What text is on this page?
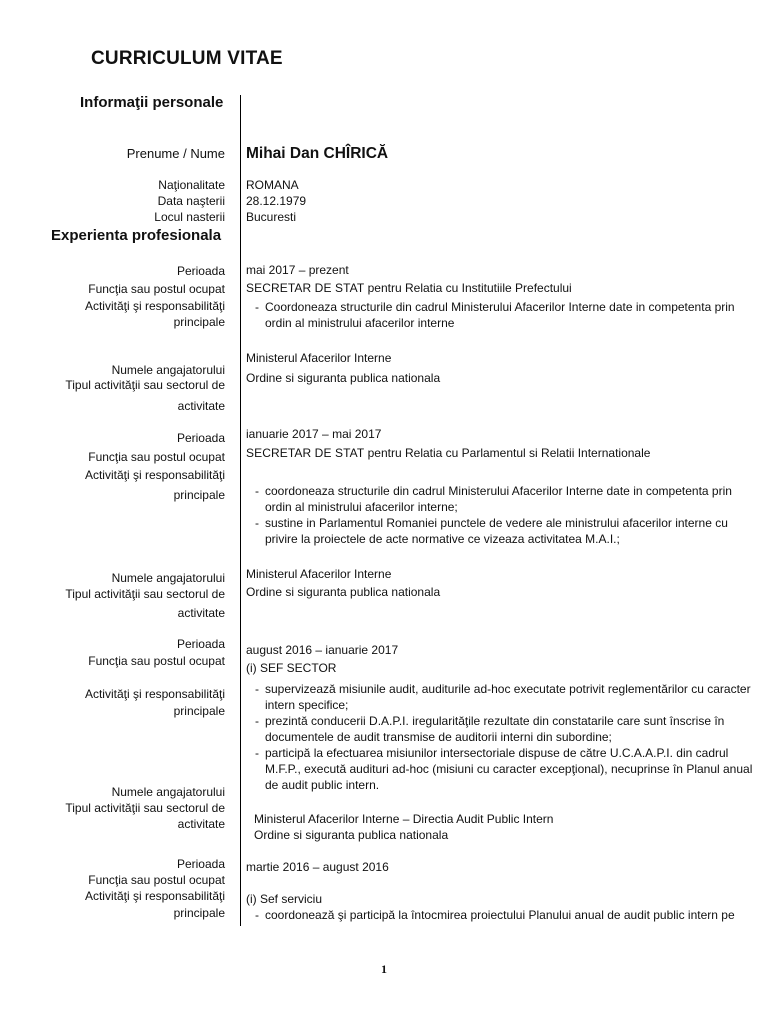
CURRICULUM VITAE
Informaţii personale
Prenume / Nume Mihai Dan CHÎRICĂ
Naţionalitate ROMANA
Data naşterii 28.12.1979
Locul nasterii Bucuresti
Experienta profesionala
Perioada
Funcţia sau postul ocupat
Activităţi şi responsabilităţi
principale
mai 2017 – prezent
SECRETAR DE STAT pentru Relatia cu Institutiile Prefectului
- Coordoneaza structurile din cadrul Ministerului Afacerilor Interne date in competenta prin ordin al ministrului afacerilor interne
Numele angajatorului
Tipul activităţii sau sectorul de
activitate
Ministerul Afacerilor Interne
Ordine si siguranta publica nationala
Perioada
Funcţia sau postul ocupat
Activităţi şi responsabilităţi
principale
ianuarie 2017 – mai 2017
SECRETAR DE STAT pentru Relatia cu Parlamentul si Relatii Internationale
- coordoneaza structurile din cadrul Ministerului Afacerilor Interne date in competenta prin ordin al ministrului afacerilor interne;
- sustine in Parlamentul Romaniei punctele de vedere ale ministrului afacerilor interne cu privire la proiectele de acte normative ce vizeaza activitatea M.A.I.;
Numele angajatorului
Tipul activităţii sau sectorul de
activitate
Ministerul Afacerilor Interne
Ordine si siguranta publica nationala
Perioada
Funcţia sau postul ocupat
Activităţi şi responsabilităţi
principale
august 2016 – ianuarie 2017
(i) SEF SECTOR
- supervizează misiunile audit, auditurile ad-hoc executate potrivit reglementărilor cu caracter intern specifice;
- prezintă conducerii D.A.P.I. iregularităţile rezultate din constatarile care sunt înscrise în documentele de audit transmise de auditorii interni din subordine;
- participă la efectuarea misiunilor intersectoriale dispuse de către U.C.A.A.P.I. din cadrul M.F.P., execută audituri ad-hoc (misiuni cu caracter excepţional), necuprinse în Planul anual de audit public intern.
Numele angajatorului
Tipul activităţii sau sectorul de
activitate Ministerul Afacerilor Interne – Directia Audit Public Intern
Ordine si siguranta publica nationala
Perioada
Funcţia sau postul ocupat
Activităţi şi responsabilităţi
principale
martie 2016 – august 2016
(i) Sef serviciu
- coordonează şi participă la întocmirea proiectului Planului anual de audit public intern pe
1
